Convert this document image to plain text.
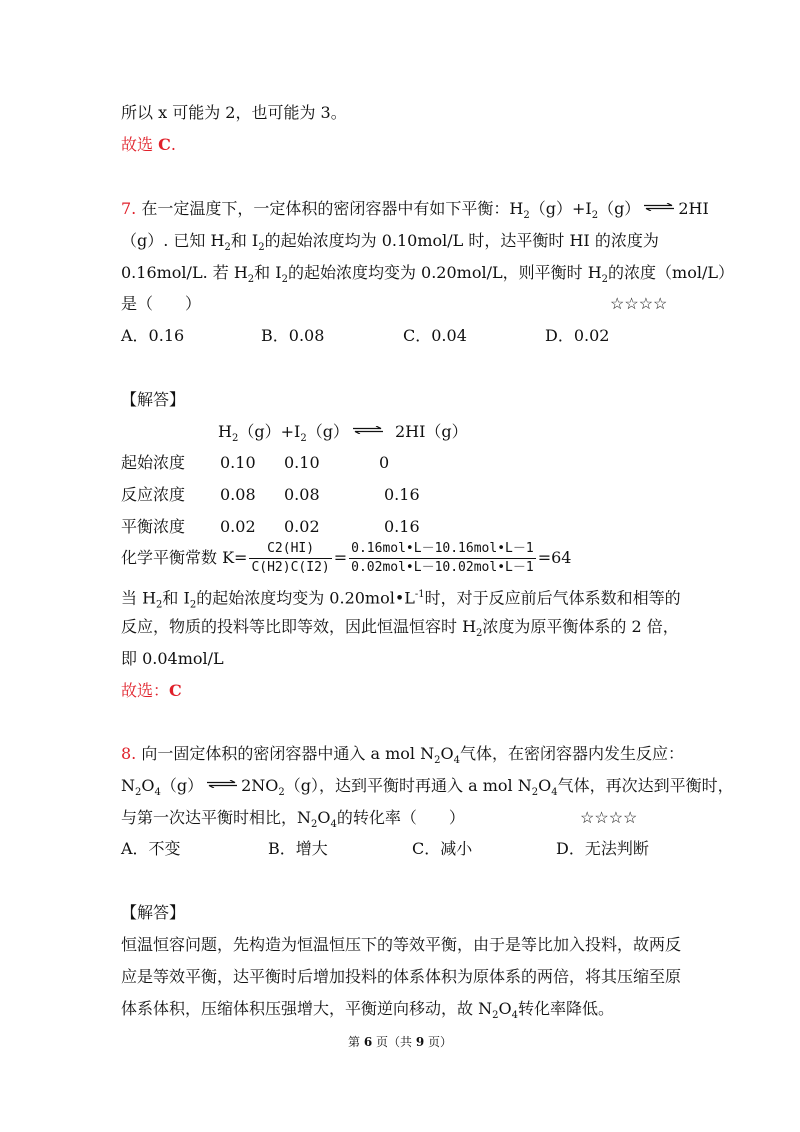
所以 x 可能为 2，也可能为 3。
故选 C.
7. 在一定温度下，一定体积的密闭容器中有如下平衡：$H_2(g)+I_2(g)$ ⇌ 2HI
（g）. 已知 $H_2$和 $I_2$的起始浓度均为 0.10mol/L 时，达平衡时 HI 的浓度为
0.16mol/L. 若 $H_2$和 $I_2$的起始浓度均变为 0.20mol/L，则平衡时 $H_2$的浓度（mol/L）
是（　　）	☆☆☆☆
A．0.16	B．0.08	C．0.04	D．0.02
【解答】
$H_2(g)+I_2(g)$ ⇌ 2HI（g）
起始浓度 0.10 0.10	0
反应浓度 0.08 0.08	0.16
平衡浓度 0.02 0.02	0.16
化学平衡常数 $K= \frac{C2(HI)}{C(H2)C(I2)} = \frac{\text{0.16mol•L－10.16mol•L－1}}{\text{0.02mol•L－10.02mol•L－1}} =64$
当 $H_2$和 $I_2$的起始浓度均变为 $0.20mol•L^{-1}$时，对于反应前后气体系数和相等的
反应，物质的投料等比即等效，因此恒温恒容时 $H_2$浓度为原平衡体系的 2 倍，
即 0.04mol/L
故选：C
8. 向一固定体积的密闭容器中通入 a mol $N_2O_4$气体，在密闭容器内发生反应：
$N_2O_4(g)$ ⇌ $2NO_2(g)$，达到平衡时再通入 a mol $N_2O_4$气体，再次达到平衡时，
与第一次达平衡时相比，$N_2O_4$的转化率（　　）	☆☆☆☆
A．不变	B．增大	C．减小	D．无法判断
【解答】
恒温恒容问题，先构造为恒温恒压下的等效平衡，由于是等比加入投料，故两反
应是等效平衡，达平衡时后增加投料的体系体积为原体系的两倍，将其压缩至原
体系体积，压缩体积压强增大，平衡逆向移动，故 $N_2O_4$转化率降低。
第 6 页（共 9 页）
